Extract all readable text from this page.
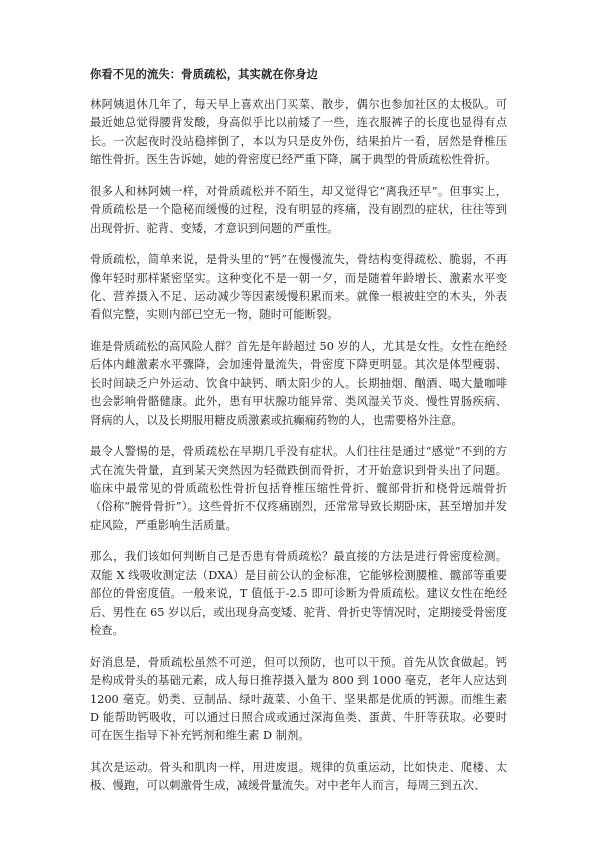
你看不见的流失：骨质疏松，其实就在你身边

林阿姨退休几年了，每天早上喜欢出门买菜、散步，偶尔也参加社区的太极队。可最近她总觉得腰背发酸，身高似乎比以前矮了一些，连衣服裤子的长度也显得有点长。一次起夜时没站稳摔倒了，本以为只是皮外伤，结果拍片一看，居然是脊椎压缩性骨折。医生告诉她，她的骨密度已经严重下降，属于典型的骨质疏松性骨折。

很多人和林阿姨一样，对骨质疏松并不陌生，却又觉得它“离我还早”。但事实上，骨质疏松是一个隐秘而缓慢的过程，没有明显的疼痛，没有剧烈的症状，往往等到出现骨折、驼背、变矮，才意识到问题的严重性。

骨质疏松，简单来说，是骨头里的“钙”在慢慢流失，骨结构变得疏松、脆弱，不再像年轻时那样紧密坚实。这种变化不是一朝一夕，而是随着年龄增长、激素水平变化、营养摄入不足、运动减少等因素缓慢积累而来。就像一根被蛀空的木头，外表看似完整，实则内部已空无一物，随时可能断裂。

谁是骨质疏松的高风险人群？首先是年龄超过 50 岁的人，尤其是女性。女性在绝经后体内雌激素水平骤降，会加速骨量流失，骨密度下降更明显。其次是体型瘦弱、长时间缺乏户外运动、饮食中缺钙、晒太阳少的人。长期抽烟、酗酒、喝大量咖啡也会影响骨骼健康。此外，患有甲状腺功能异常、类风湿关节炎、慢性胃肠疾病、肾病的人，以及长期服用糖皮质激素或抗癫痫药物的人，也需要格外注意。

最令人警惕的是，骨质疏松在早期几乎没有症状。人们往往是通过“感觉”不到的方式在流失骨量，直到某天突然因为轻微跌倒而骨折，才开始意识到骨头出了问题。临床中最常见的骨质疏松性骨折包括脊椎压缩性骨折、髋部骨折和桡骨远端骨折（俗称“腕骨骨折”）。这些骨折不仅疼痛剧烈，还常常导致长期卧床，甚至增加并发症风险，严重影响生活质量。

那么，我们该如何判断自己是否患有骨质疏松？最直接的方法是进行骨密度检测。双能 X 线吸收测定法（DXA）是目前公认的金标准，它能够检测腰椎、髋部等重要部位的骨密度值。一般来说，T 值低于-2.5 即可诊断为骨质疏松。建议女性在绝经后、男性在 65 岁以后，或出现身高变矮、驼背、骨折史等情况时，定期接受骨密度检查。

好消息是，骨质疏松虽然不可逆，但可以预防，也可以干预。首先从饮食做起。钙是构成骨头的基础元素，成人每日推荐摄入量为 800 到 1000 毫克，老年人应达到 1200 毫克。奶类、豆制品、绿叶蔬菜、小鱼干、坚果都是优质的钙源。而维生素 D 能帮助钙吸收，可以通过日照合成或通过深海鱼类、蛋黄、牛肝等获取。必要时可在医生指导下补充钙剂和维生素 D 制剂。

其次是运动。骨头和肌肉一样，用进废退。规律的负重运动，比如快走、爬楼、太极、慢跑，可以刺激骨生成，减缓骨量流失。对中老年人而言，每周三到五次、
